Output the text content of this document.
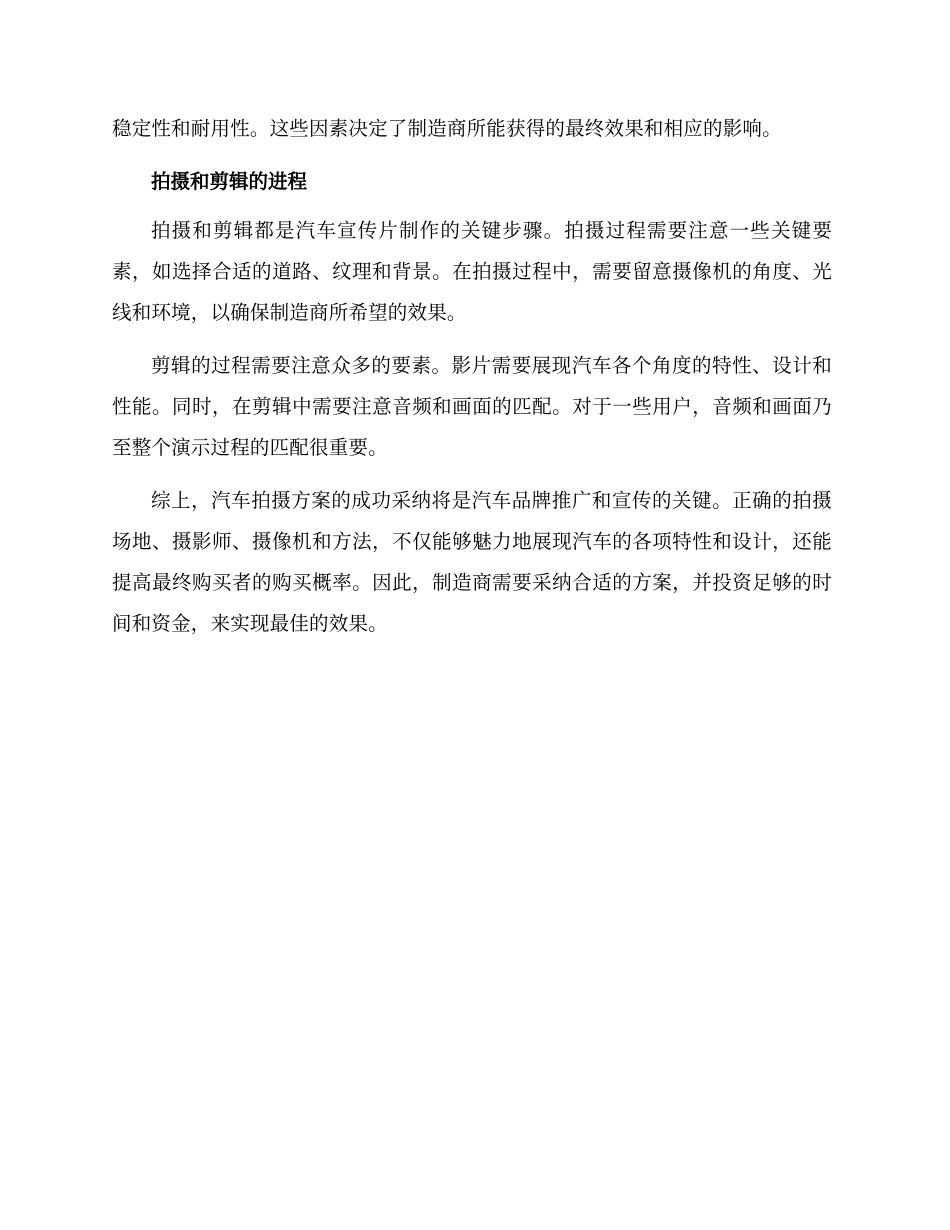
稳定性和耐用性。这些因素决定了制造商所能获得的最终效果和相应的影响。

拍摄和剪辑的进程

拍摄和剪辑都是汽车宣传片制作的关键步骤。拍摄过程需要注意一些关键要素，如选择合适的道路、纹理和背景。在拍摄过程中，需要留意摄像机的角度、光线和环境，以确保制造商所希望的效果。

剪辑的过程需要注意众多的要素。影片需要展现汽车各个角度的特性、设计和性能。同时，在剪辑中需要注意音频和画面的匹配。对于一些用户，音频和画面乃至整个演示过程的匹配很重要。

综上，汽车拍摄方案的成功采纳将是汽车品牌推广和宣传的关键。正确的拍摄场地、摄影师、摄像机和方法，不仅能够魅力地展现汽车的各项特性和设计，还能提高最终购买者的购买概率。因此，制造商需要采纳合适的方案，并投资足够的时间和资金，来实现最佳的效果。
